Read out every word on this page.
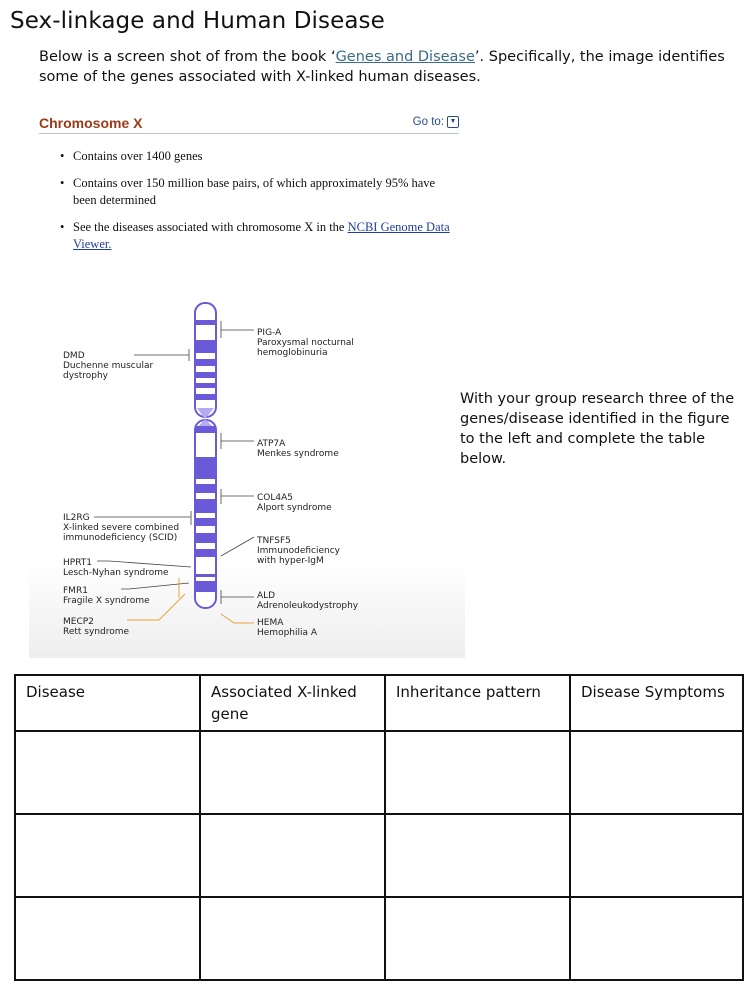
Sex-linkage and Human Disease
Below is a screen shot of from the book ‘Genes and Disease’. Specifically, the image identifies some of the genes associated with X-linked human diseases.
Chromosome X	Go to: ▼
• Contains over 1400 genes
• Contains over 150 million base pairs, of which approximately 95% have been determined
• See the diseases associated with chromosome X in the NCBI Genome Data Viewer.
PIG-A
Paroxysmal nocturnal
hemoglobinuria
DMD
Duchenne muscular
dystrophy
ATP7A
Menkes syndrome
COL4A5
Alport syndrome
IL2RG
X-linked severe combined
immunodeficiency (SCID)	TNFSF5
Immunodeficiency
with hyper-IgM
HPRT1
Lesch-Nyhan syndrome
FMR1
Fragile X syndrome	ALD
Adrenoleukodystrophy
MECP2
Rett syndrome
HEMA
Hemophilia A
With your group research three of the genes/disease identified in the figure to the left and complete the table below.
Disease	Associated X-linked gene	Inheritance pattern	Disease Symptoms
